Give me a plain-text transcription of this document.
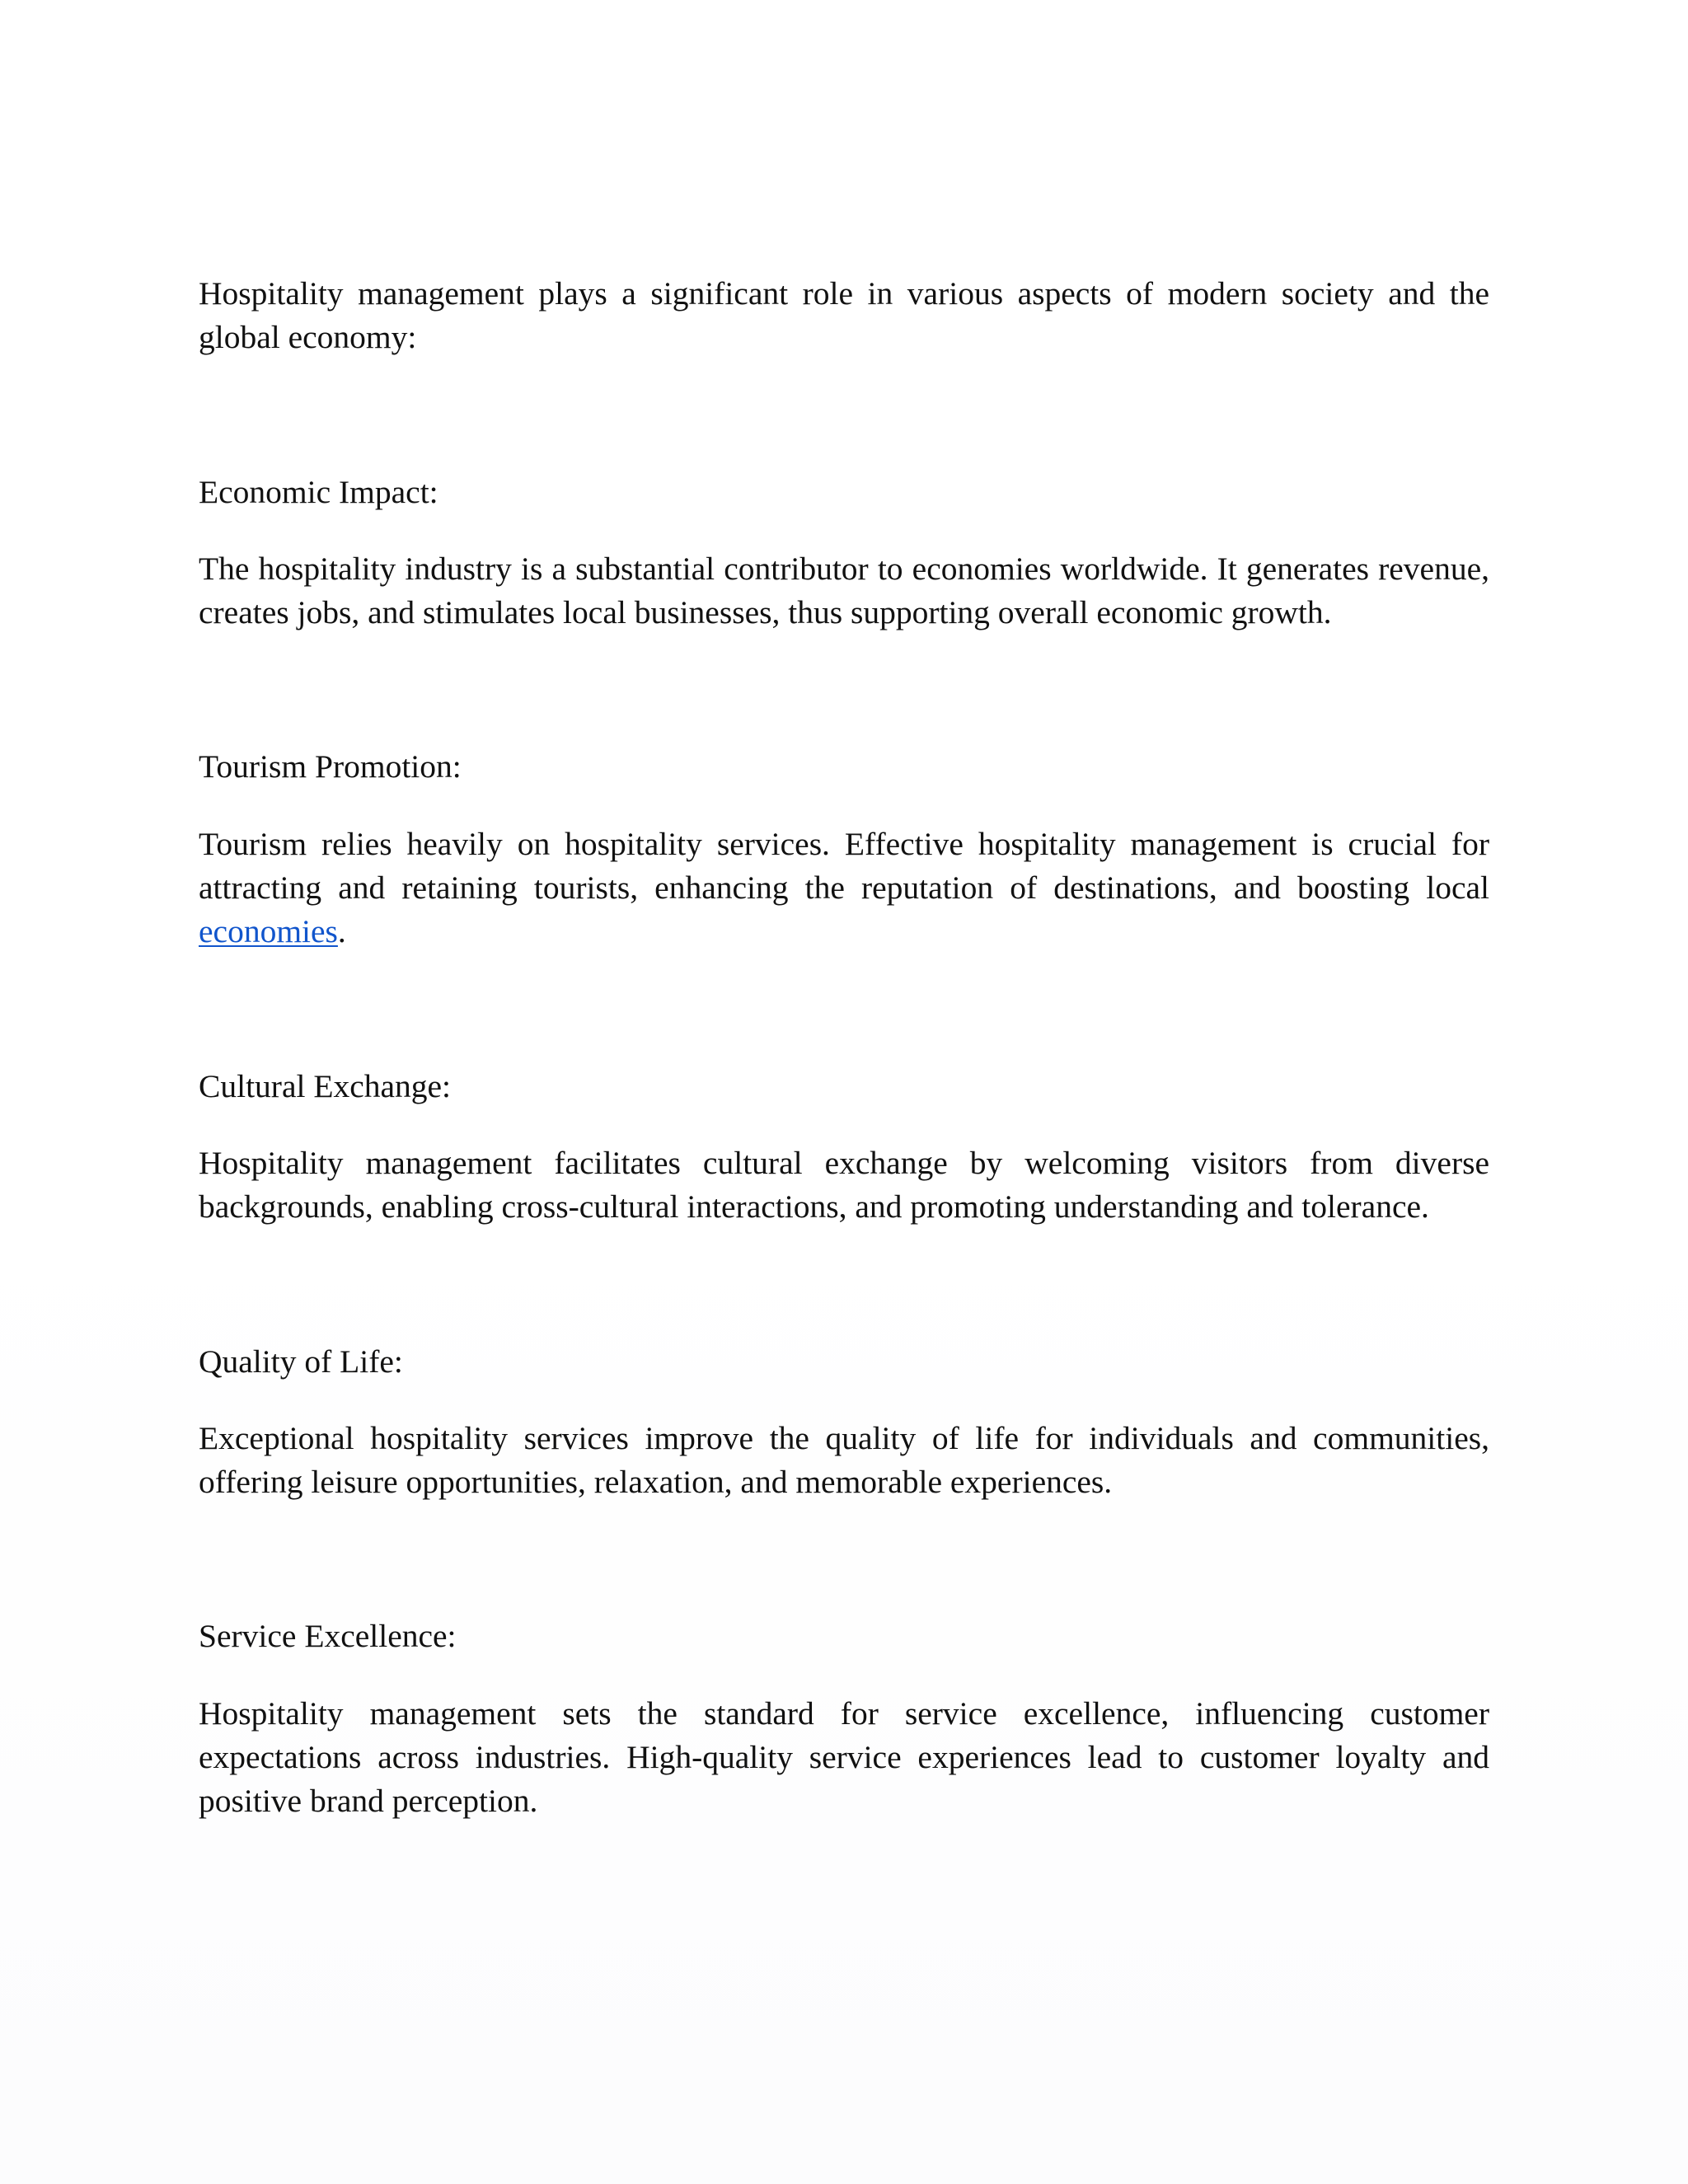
Hospitality management plays a significant role in various aspects of modern society and the global economy:

Economic Impact:

The hospitality industry is a substantial contributor to economies worldwide. It generates revenue, creates jobs, and stimulates local businesses, thus supporting overall economic growth.

Tourism Promotion:

Tourism relies heavily on hospitality services. Effective hospitality management is crucial for attracting and retaining tourists, enhancing the reputation of destinations, and boosting local economies.

Cultural Exchange:

Hospitality management facilitates cultural exchange by welcoming visitors from diverse backgrounds, enabling cross-cultural interactions, and promoting understanding and tolerance.

Quality of Life:

Exceptional hospitality services improve the quality of life for individuals and communities, offering leisure opportunities, relaxation, and memorable experiences.

Service Excellence:

Hospitality management sets the standard for service excellence, influencing customer expectations across industries. High-quality service experiences lead to customer loyalty and positive brand perception.
